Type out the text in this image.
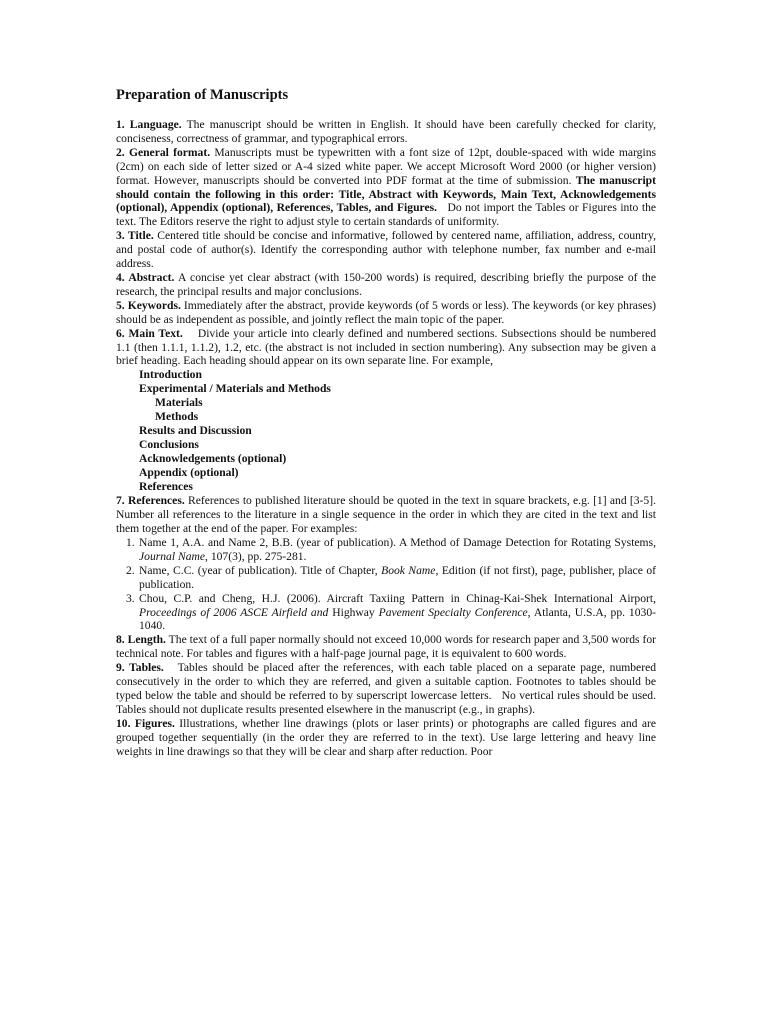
Preparation of Manuscripts

1. Language. The manuscript should be written in English. It should have been carefully checked for clarity, conciseness, correctness of grammar, and typographical errors.

2. General format. Manuscripts must be typewritten with a font size of 12pt, double-spaced with wide margins (2cm) on each side of letter sized or A-4 sized white paper. We accept Microsoft Word 2000 (or higher version) format. However, manuscripts should be converted into PDF format at the time of submission. The manuscript should contain the following in this order: Title, Abstract with Keywords, Main Text, Acknowledgements (optional), Appendix (optional), References, Tables, and Figures.   Do not import the Tables or Figures into the text. The Editors reserve the right to adjust style to certain standards of uniformity.

3. Title. Centered title should be concise and informative, followed by centered name, affiliation, address, country, and postal code of author(s). Identify the corresponding author with telephone number, fax number and e-mail address.

4. Abstract. A concise yet clear abstract (with 150-200 words) is required, describing briefly the purpose of the research, the principal results and major conclusions.

5. Keywords. Immediately after the abstract, provide keywords (of 5 words or less). The keywords (or key phrases) should be as independent as possible, and jointly reflect the main topic of the paper.

6. Main Text.    Divide your article into clearly defined and numbered sections. Subsections should be numbered 1.1 (then 1.1.1, 1.1.2), 1.2, etc. (the abstract is not included in section numbering). Any subsection may be given a brief heading. Each heading should appear on its own separate line. For example,

Introduction
Experimental / Materials and Methods
Materials
Methods
Results and Discussion
Conclusions
Acknowledgements (optional)
Appendix (optional)
References

7. References. References to published literature should be quoted in the text in square brackets, e.g. [1] and [3-5]. Number all references to the literature in a single sequence in the order in which they are cited in the text and list them together at the end of the paper. For examples:

1. Name 1, A.A. and Name 2, B.B. (year of publication). A Method of Damage Detection for Rotating Systems, Journal Name, 107(3), pp. 275-281.
2. Name, C.C. (year of publication). Title of Chapter, Book Name, Edition (if not first), page, publisher, place of publication.
3. Chou, C.P. and Cheng, H.J. (2006). Aircraft Taxiing Pattern in Chinag-Kai-Shek International Airport, Proceedings of 2006 ASCE Airfield and Highway Pavement Specialty Conference, Atlanta, U.S.A, pp. 1030-1040.

8. Length. The text of a full paper normally should not exceed 10,000 words for research paper and 3,500 words for technical note. For tables and figures with a half-page journal page, it is equivalent to 600 words.

9. Tables.   Tables should be placed after the references, with each table placed on a separate page, numbered consecutively in the order to which they are referred, and given a suitable caption. Footnotes to tables should be typed below the table and should be referred to by superscript lowercase letters.   No vertical rules should be used.   Tables should not duplicate results presented elsewhere in the manuscript (e.g., in graphs).

10. Figures. Illustrations, whether line drawings (plots or laser prints) or photographs are called figures and are grouped together sequentially (in the order they are referred to in the text). Use large lettering and heavy line weights in line drawings so that they will be clear and sharp after reduction. Poor
